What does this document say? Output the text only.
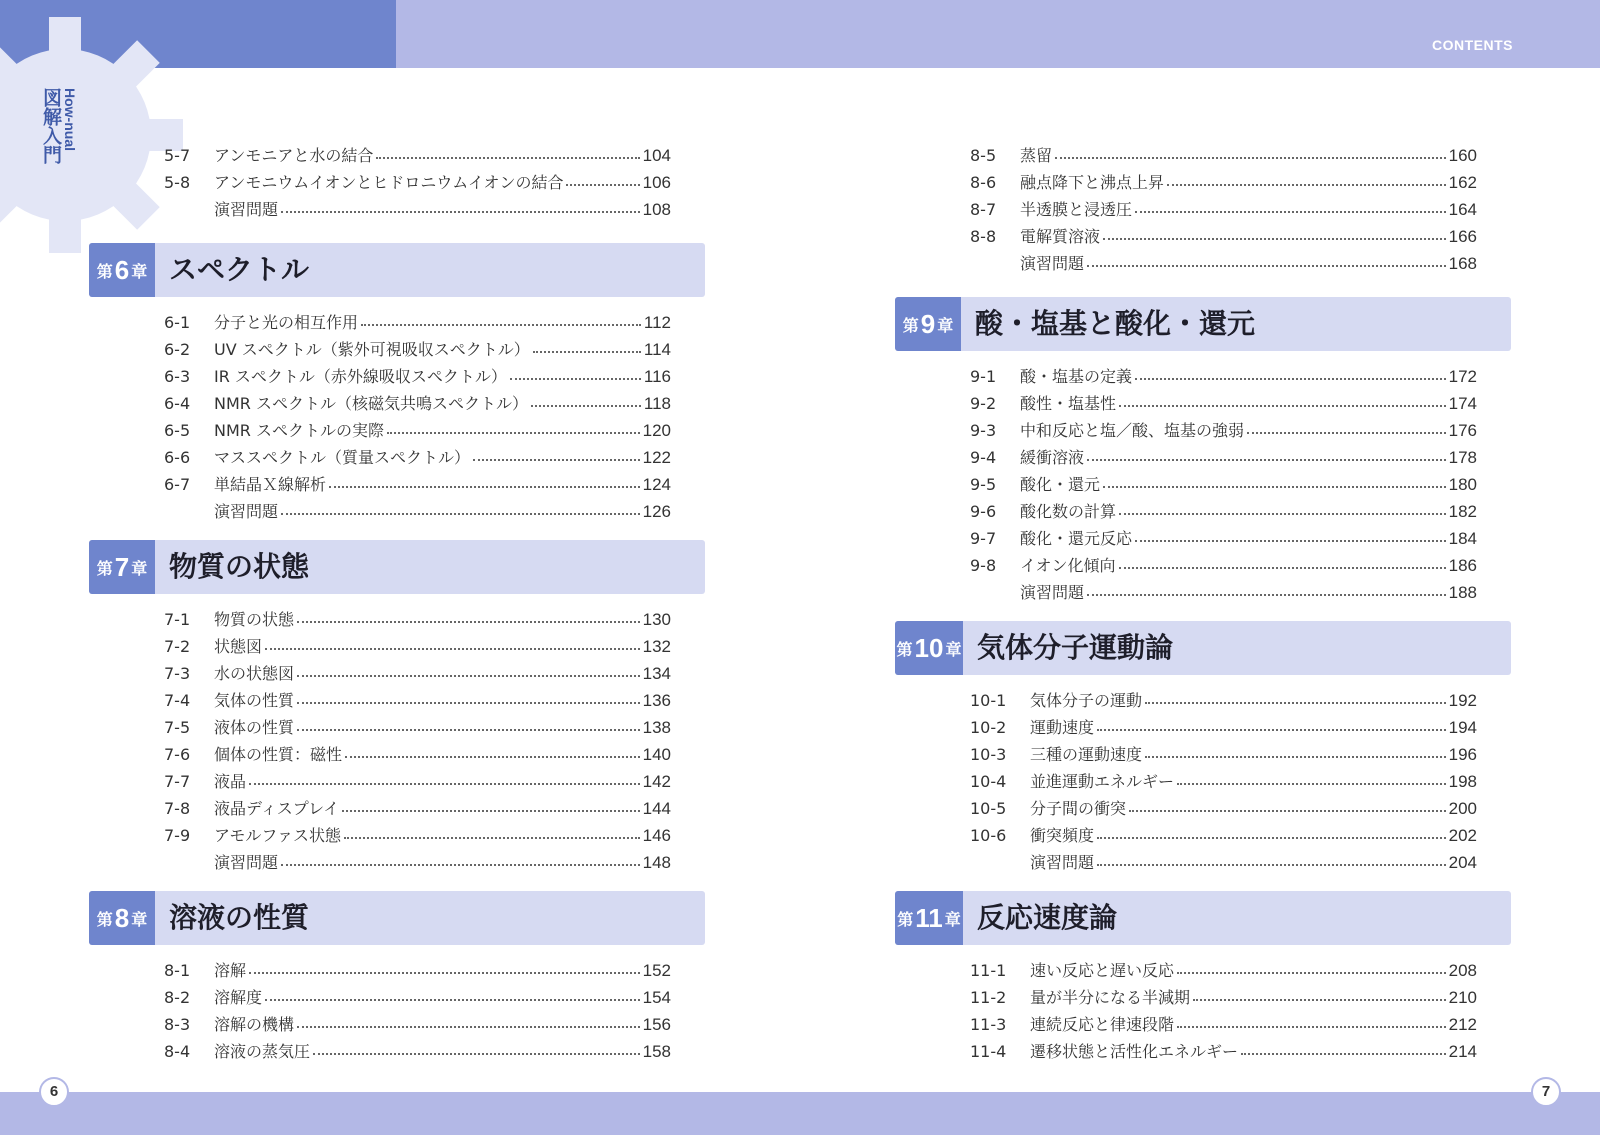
CONTENTS
図解入門 How-nual
5-7	アンモニアと水の結合	104
5-8	アンモニウムイオンとヒドロニウムイオンの結合	106
演習問題	108
第 6 章 スペクトル
6-1	分子と光の相互作用	112
6-2	UV スペクトル（紫外可視吸収スペクトル）	114
6-3	IR スペクトル（赤外線吸収スペクトル）	116
6-4	NMR スペクトル（核磁気共鳴スペクトル）	118
6-5	NMR スペクトルの実際	120
6-6	マススペクトル（質量スペクトル）	122
6-7	単結晶Ｘ線解析	124
演習問題	126
第 7 章 物質の状態
7-1	物質の状態	130
7-2	状態図	132
7-3	水の状態図	134
7-4	気体の性質	136
7-5	液体の性質	138
7-6	個体の性質：磁性	140
7-7	液晶	142
7-8	液晶ディスプレイ	144
7-9	アモルファス状態	146
演習問題	148
第 8 章 溶液の性質
8-1	溶解	152
8-2	溶解度	154
8-3	溶解の機構	156
8-4	溶液の蒸気圧	158
8-5	蒸留	160
8-6	融点降下と沸点上昇	162
8-7	半透膜と浸透圧	164
8-8	電解質溶液	166
演習問題	168
第 9 章 酸・塩基と酸化・還元
9-1	酸・塩基の定義	172
9-2	酸性・塩基性	174
9-3	中和反応と塩／酸、塩基の強弱	176
9-4	緩衝溶液	178
9-5	酸化・還元	180
9-6	酸化数の計算	182
9-7	酸化・還元反応	184
9-8	イオン化傾向	186
演習問題	188
第 10 章 気体分子運動論
10-1	気体分子の運動	192
10-2	運動速度	194
10-3	三種の運動速度	196
10-4	並進運動エネルギー	198
10-5	分子間の衝突	200
10-6	衝突頻度	202
演習問題	204
第 11 章 反応速度論
11-1	速い反応と遅い反応	208
11-2	量が半分になる半減期	210
11-3	連続反応と律速段階	212
11-4	遷移状態と活性化エネルギー	214
6	7
